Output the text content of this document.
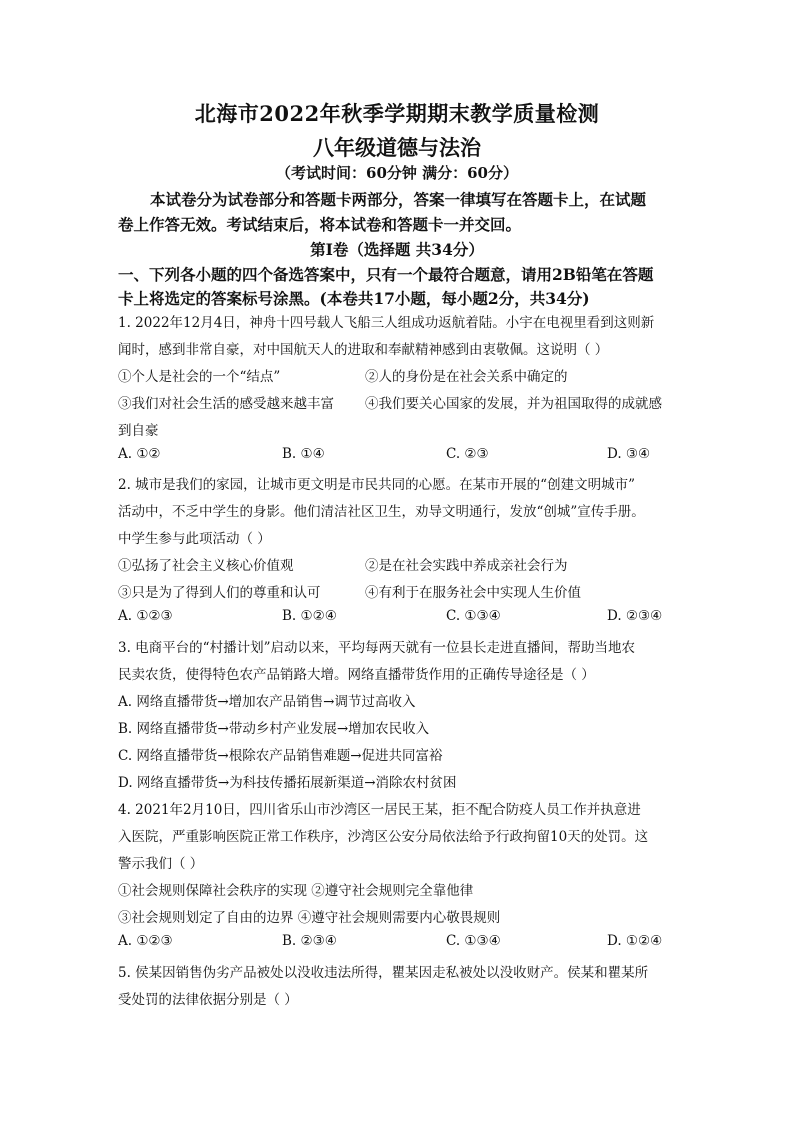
北海市2022年秋季学期期末教学质量检测
八年级道德与法治
（考试时间：60分钟 满分：60分）
本试卷分为试卷部分和答题卡两部分，答案一律填写在答题卡上，在试题
卷上作答无效。考试结束后，将本试卷和答题卡一并交回。
第Ⅰ卷（选择题 共34分）
一、下列各小题的四个备选答案中，只有一个最符合题意，请用2B铅笔在答题
卡上将选定的答案标号涂黑。(本卷共17小题，每小题2分，共34分)
1. 2022年12月4日，神舟十四号载人飞船三人组成功返航着陆。小宇在电视里看到这则新
闻时，感到非常自豪，对中国航天人的进取和奉献精神感到由衷敬佩。这说明（ ）
①个人是社会的一个“结点”	②人的身份是在社会关系中确定的
③我们对社会生活的感受越来越丰富 ④我们要关心国家的发展，并为祖国取得的成就感
到自豪
A. ①②	B. ①④	C. ②③	D. ③④
2. 城市是我们的家园，让城市更文明是市民共同的心愿。在某市开展的“创建文明城市”
活动中，不乏中学生的身影。他们清洁社区卫生，劝导文明通行，发放“创城”宣传手册。
中学生参与此项活动（ ）
①弘扬了社会主义核心价值观	②是在社会实践中养成亲社会行为
③只是为了得到人们的尊重和认可	④有利于在服务社会中实现人生价值
A. ①②③	B. ①②④	C. ①③④	D. ②③④
3. 电商平台的“村播计划”启动以来，平均每两天就有一位县长走进直播间，帮助当地农
民卖农货，使得特色农产品销路大增。网络直播带货作用的正确传导途径是（ ）
A. 网络直播带货→增加农产品销售→调节过高收入
B. 网络直播带货→带动乡村产业发展→增加农民收入
C. 网络直播带货→根除农产品销售难题→促进共同富裕
D. 网络直播带货→为科技传播拓展新渠道→消除农村贫困
4. 2021年2月10日，四川省乐山市沙湾区一居民王某，拒不配合防疫人员工作并执意进
入医院，严重影响医院正常工作秩序，沙湾区公安分局依法给予行政拘留10天的处罚。这
警示我们（ ）
①社会规则保障社会秩序的实现 ②遵守社会规则完全靠他律
③社会规则划定了自由的边界 ④遵守社会规则需要内心敬畏规则
A. ①②③	B. ②③④	C. ①③④	D. ①②④
5. 侯某因销售伪劣产品被处以没收违法所得，瞿某因走私被处以没收财产。侯某和瞿某所
受处罚的法律依据分别是（ ）
